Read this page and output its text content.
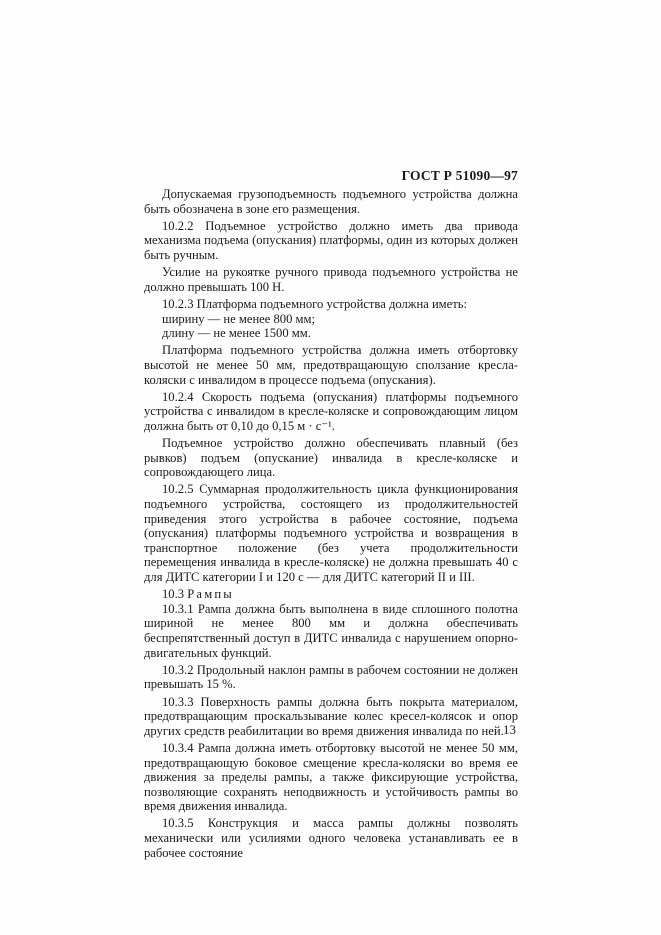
ГОСТ Р 51090—97

Допускаемая грузоподъемность подъемного устройства должна быть обозначена в зоне его размещения.

10.2.2 Подъемное устройство должно иметь два привода механизма подъема (опускания) платформы, один из которых должен быть ручным.

Усилие на рукоятке ручного привода подъемного устройства не должно превышать 100 Н.

10.2.3 Платформа подъемного устройства должна иметь:

ширину — не менее 800 мм;

длину — не менее 1500 мм.

Платформа подъемного устройства должна иметь отбортовку высотой не менее 50 мм, предотвращающую сползание кресла-коляски с инвалидом в процессе подъема (опускания).

10.2.4 Скорость подъема (опускания) платформы подъемного устройства с инвалидом в кресле-коляске и сопровождающим лицом должна быть от 0,10 до 0,15 м · с⁻¹.

Подъемное устройство должно обеспечивать плавный (без рывков) подъем (опускание) инвалида в кресле-коляске и сопровождающего лица.

10.2.5 Суммарная продолжительность цикла функционирования подъемного устройства, состоящего из продолжительностей приведения этого устройства в рабочее состояние, подъема (опускания) платформы подъемного устройства и возвращения в транспортное положение (без учета продолжительности перемещения инвалида в кресле-коляске) не должна превышать 40 с для ДИТС категории I и 120 с — для ДИТС категорий II и III.

10.3 Рампы

10.3.1 Рампа должна быть выполнена в виде сплошного полотна шириной не менее 800 мм и должна обеспечивать беспрепятственный доступ в ДИТС инвалида с нарушением опорно-двигательных функций.

10.3.2 Продольный наклон рампы в рабочем состоянии не должен превышать 15 %.

10.3.3 Поверхность рампы должна быть покрыта материалом, предотвращающим проскальзывание колес кресел-колясок и опор других средств реабилитации во время движения инвалида по ней.

10.3.4 Рампа должна иметь отбортовку высотой не менее 50 мм, предотвращающую боковое смещение кресла-коляски во время ее движения за пределы рампы, а также фиксирующие устройства, позволяющие сохранять неподвижность и устойчивость рампы во время движения инвалида.

10.3.5 Конструкция и масса рампы должны позволять механически или усилиями одного человека устанавливать ее в рабочее состояние

13
